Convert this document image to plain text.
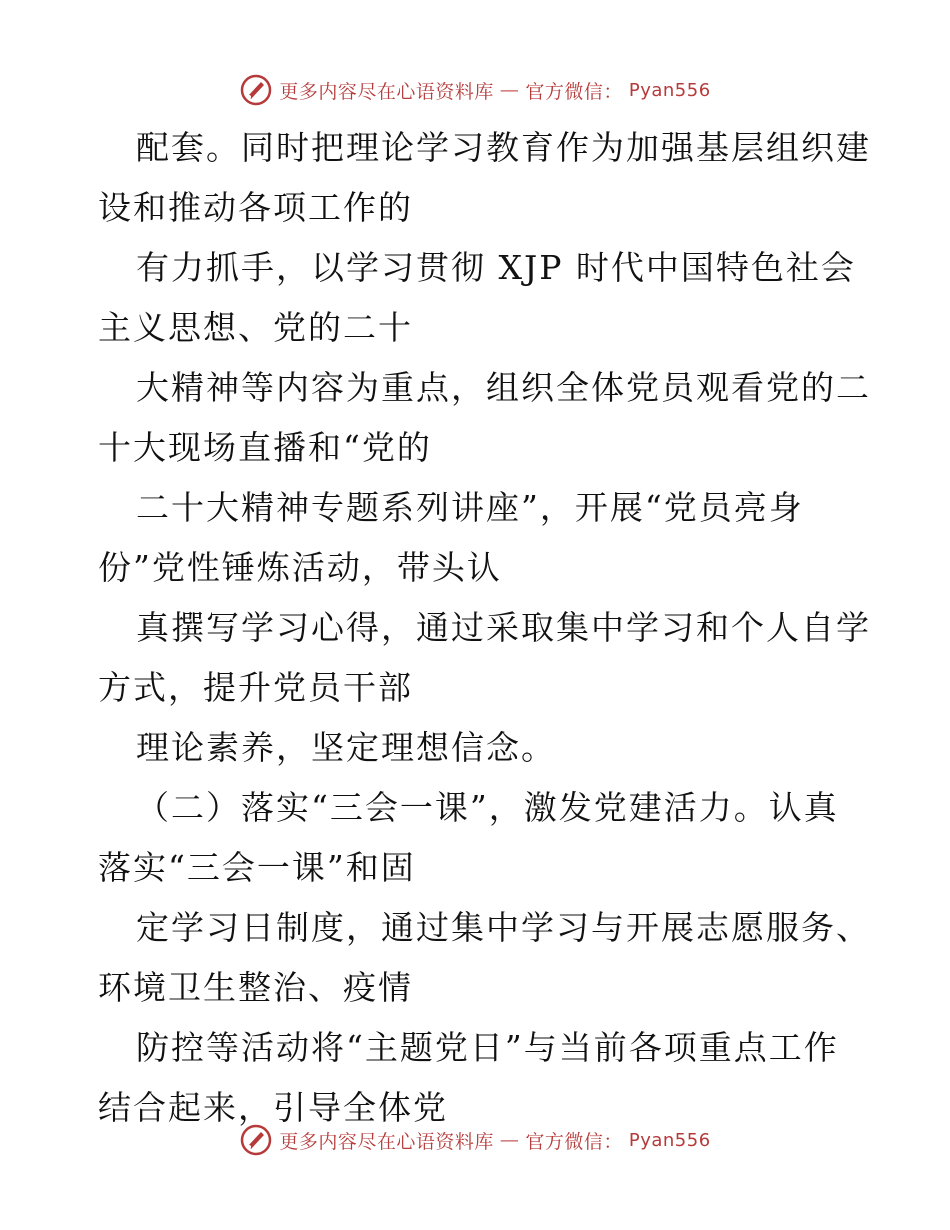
更多内容尽在心语资料库 — 官方微信： Pyan556
配套。同时把理论学习教育作为加强基层组织建
设和推动各项工作的
有力抓手，以学习贯彻 XJP 时代中国特色社会
主义思想、党的二十
大精神等内容为重点，组织全体党员观看党的二
十大现场直播和“党的
二十大精神专题系列讲座”，开展“党员亮身
份”党性锤炼活动，带头认
真撰写学习心得，通过采取集中学习和个人自学
方式，提升党员干部
理论素养，坚定理想信念。
（二）落实“三会一课”，激发党建活力。认真
落实“三会一课”和固
定学习日制度，通过集中学习与开展志愿服务、
环境卫生整治、疫情
防控等活动将“主题党日”与当前各项重点工作
结合起来，引导全体党
更多内容尽在心语资料库 — 官方微信： Pyan556
